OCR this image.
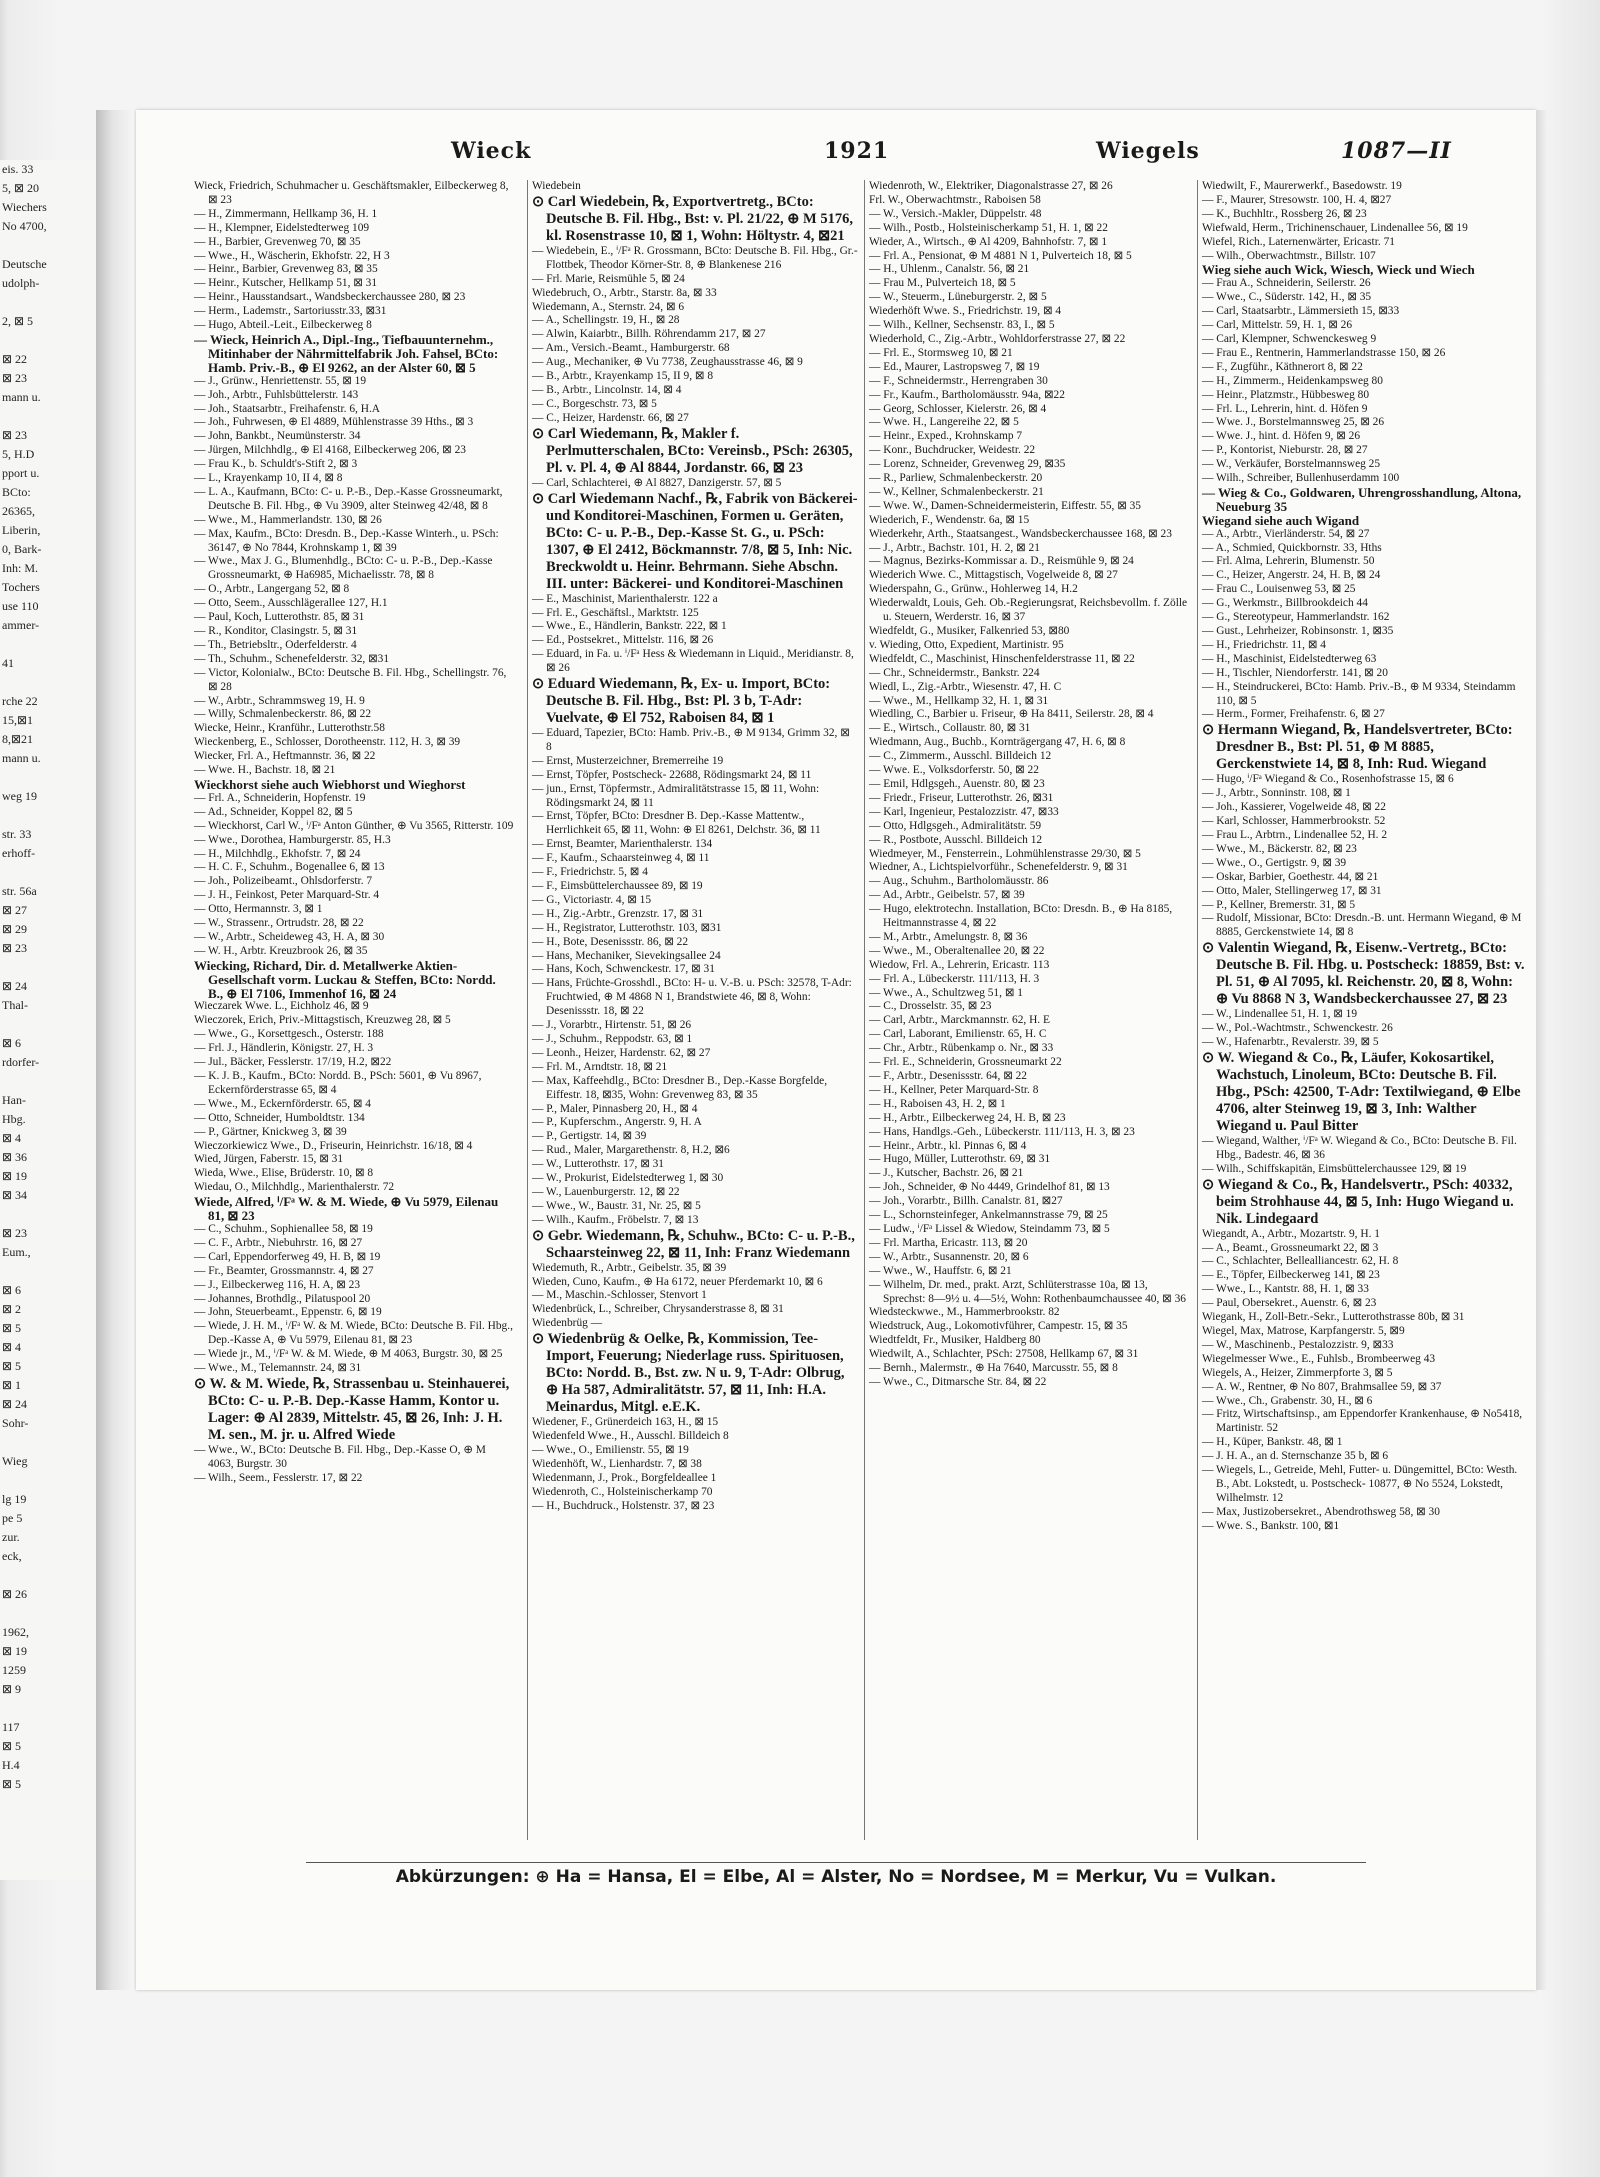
eis. 33
5, ⊠ 20
Wiechers
No 4700,

Deutsche
udolph-

2, ⊠ 5

⊠ 22
⊠ 23
mann u.

⊠ 23
5, H.D
pport u.
BCto:
26365,
Liberin,
0, Bark-
Inh: M.
Tochers
use 110
ammer-

41

rche 22
15,⊠1
8,⊠21
mann u.

weg 19

str. 33
erhoff-

str. 56a
⊠ 27
⊠ 29
⊠ 23

⊠ 24
Thal-

⊠ 6
rdorfer-

Han-
Hbg.
⊠ 4
⊠ 36
⊠ 19
⊠ 34

⊠ 23
Eum.,

⊠ 6
⊠ 2
⊠ 5
⊠ 4
⊠ 5
⊠ 1
⊠ 24
Sohr-

Wieg

lg 19
pe 5
zur.
eck,

⊠ 26

1962,
⊠ 19
1259
⊠ 9

117
⊠ 5
H.4
⊠ 5
Wieck	1921	Wiegels	1087—II

Wieck, Friedrich, Schuhmacher u. Geschäftsmakler, Eilbeckerweg 8, ⊠ 23

— H., Zimmermann, Hellkamp 36, H. 1

— H., Klempner, Eidelstedterweg 109

— H., Barbier, Grevenweg 70, ⊠ 35

— Wwe., H., Wäscherin, Ekhofstr. 22, H 3

— Heinr., Barbier, Grevenweg 83, ⊠ 35

— Heinr., Kutscher, Hellkamp 51, ⊠ 31

— Heinr., Hausstandsart., Wandsbeckerchaussee 280, ⊠ 23

— Herm., Lademstr., Sartoriusstr.33, ⊠31

— Hugo, Abteil.-Leit., Eilbeckerweg 8

— Wieck, Heinrich A., Dipl.-Ing., Tiefbauunternehm., Mitinhaber der Nährmittelfabrik Joh. Fahsel, BCto: Hamb. Priv.-B., ⊕ El 9262, an der Alster 60, ⊠ 5

— J., Grünw., Henriettenstr. 55, ⊠ 19

— Joh., Arbtr., Fuhlsbüttelerstr. 143

— Joh., Staatsarbtr., Freihafenstr. 6, H.A

— Joh., Fuhrwesen, ⊕ El 4889, Mühlenstrasse 39 Hths., ⊠ 3

— John, Bankbt., Neumünsterstr. 34

— Jürgen, Milchhdlg., ⊕ El 4168, Eilbeckerweg 206, ⊠ 23

— Frau K., b. Schuldt's-Stift 2, ⊠ 3

— L., Krayenkamp 10, II 4, ⊠ 8

— L. A., Kaufmann, BCto: C- u. P.-B., Dep.-Kasse Grossneumarkt, Deutsche B. Fil. Hbg., ⊕ Vu 3909, alter Steinweg 42/48, ⊠ 8

— Wwe., M., Hammerlandstr. 130, ⊠ 26

— Max, Kaufm., BCto: Dresdn. B., Dep.-Kasse Winterh., u. PSch: 36147, ⊕ No 7844, Krohnskamp 1, ⊠ 39

— Wwe., Max J. G., Blumenhdlg., BCto: C- u. P.-B., Dep.-Kasse Grossneumarkt, ⊕ Ha6985, Michaelisstr. 78, ⊠ 8

— O., Arbtr., Langergang 52, ⊠ 8

— Otto, Seem., Ausschlägerallee 127, H.1

— Paul, Koch, Lutterothstr. 85, ⊠ 31

— R., Konditor, Clasingstr. 5, ⊠ 31

— Th., Betriebsltr., Oderfelderstr. 4

— Th., Schuhm., Schenefelderstr. 32, ⊠31

— Victor, Kolonialw., BCto: Deutsche B. Fil. Hbg., Schellingstr. 76, ⊠ 28

— W., Arbtr., Schrammsweg 19, H. 9

— Willy, Schmalenbeckerstr. 86, ⊠ 22

Wiecke, Heinr., Kranführ., Lutterothstr.58

Wieckenberg, E., Schlosser, Dorotheenstr. 112, H. 3, ⊠ 39

Wiecker, Frl. A., Heftmannstr. 36, ⊠ 22

— Wwe. H., Bachstr. 18, ⊠ 21

Wieckhorst siehe auch Wiebhorst und Wieghorst

— Frl. A., Schneiderin, Hopfenstr. 19

— Ad., Schneider, Koppel 82, ⊠ 5

— Wieckhorst, Carl W., ⁱ/Fᵃ Anton Günther, ⊕ Vu 3565, Ritterstr. 109

— Wwe., Dorothea, Hamburgerstr. 85, H.3

— H., Milchhdlg., Ekhofstr. 7, ⊠ 24

— H. C. F., Schuhm., Bogenallee 6, ⊠ 13

— Joh., Polizeibeamt., Ohlsdorferstr. 7

— J. H., Feinkost, Peter Marquard-Str. 4

— Otto, Hermannstr. 3, ⊠ 1

— W., Strassenr., Ortrudstr. 28, ⊠ 22

— W., Arbtr., Scheideweg 43, H. A, ⊠ 30

— W. H., Arbtr. Kreuzbrook 26, ⊠ 35

Wiecking, Richard, Dir. d. Metallwerke Aktien-Gesellschaft vorm. Luckau & Steffen, BCto: Nordd. B., ⊕ El 7106, Immenhof 16, ⊠ 24

Wieczarek Wwe. L., Eichholz 46, ⊠ 9

Wieczorek, Erich, Priv.-Mittagstisch, Kreuzweg 28, ⊠ 5

— Wwe., G., Korsettgesch., Osterstr. 188

— Frl. J., Händlerin, Königstr. 27, H. 3

— Jul., Bäcker, Fesslerstr. 17/19, H.2, ⊠22

— K. J. B., Kaufm., BCto: Nordd. B., PSch: 5601, ⊕ Vu 8967, Eckernförderstrasse 65, ⊠ 4

— Wwe., M., Eckernförderstr. 65, ⊠ 4

— Otto, Schneider, Humboldtstr. 134

— P., Gärtner, Knickweg 3, ⊠ 39

Wieczorkiewicz Wwe., D., Friseurin, Heinrichstr. 16/18, ⊠ 4

Wied, Jürgen, Faberstr. 15, ⊠ 31

Wieda, Wwe., Elise, Brüderstr. 10, ⊠ 8

Wiedau, O., Milchhdlg., Marienthalerstr. 72

Wiede, Alfred, ⁱ/Fᵃ W. & M. Wiede, ⊕ Vu 5979, Eilenau 81, ⊠ 23

— C., Schuhm., Sophienallee 58, ⊠ 19

— C. F., Arbtr., Niebuhrstr. 16, ⊠ 27

— Carl, Eppendorferweg 49, H. B, ⊠ 19

— Fr., Beamter, Grossmannstr. 4, ⊠ 27

— J., Eilbeckerweg 116, H. A, ⊠ 23

— Johannes, Brothdlg., Pilatuspool 20

— John, Steuerbeamt., Eppenstr. 6, ⊠ 19

— Wiede, J. H. M., ⁱ/Fᵃ W. & M. Wiede, BCto: Deutsche B. Fil. Hbg., Dep.-Kasse A, ⊕ Vu 5979, Eilenau 81, ⊠ 23

— Wiede jr., M., ⁱ/Fᵃ W. & M. Wiede, ⊕ M 4063, Burgstr. 30, ⊠ 25

— Wwe., M., Telemannstr. 24, ⊠ 31

⊙ W. & M. Wiede, ℞, Strassenbau u. Steinhauerei, BCto: C- u. P.-B. Dep.-Kasse Hamm, Kontor u. Lager: ⊕ Al 2839, Mittelstr. 45, ⊠ 26, Inh: J. H. M. sen., M. jr. u. Alfred Wiede

— Wwe., W., BCto: Deutsche B. Fil. Hbg., Dep.-Kasse O, ⊕ M 4063, Burgstr. 30

— Wilh., Seem., Fesslerstr. 17, ⊠ 22

Wiedebein

⊙ Carl Wiedebein, ℞, Exportvertretg., BCto: Deutsche B. Fil. Hbg., Bst: v. Pl. 21/22, ⊕ M 5176, kl. Rosenstrasse 10, ⊠ 1, Wohn: Höltystr. 4, ⊠21

— Wiedebein, E., ⁱ/Fᵃ R. Grossmann, BCto: Deutsche B. Fil. Hbg., Gr.-Flottbek, Theodor Körner-Str. 8, ⊕ Blankenese 216

— Frl. Marie, Reismühle 5, ⊠ 24

Wiedebruch, O., Arbtr., Starstr. 8a, ⊠ 33

Wiedemann, A., Sternstr. 24, ⊠ 6

— A., Schellingstr. 19, H., ⊠ 28

— Alwin, Kaiarbtr., Billh. Röhrendamm 217, ⊠ 27

— Am., Versich.-Beamt., Hamburgerstr. 68

— Aug., Mechaniker, ⊕ Vu 7738, Zeughausstrasse 46, ⊠ 9

— B., Arbtr., Krayenkamp 15, II 9, ⊠ 8

— B., Arbtr., Lincolnstr. 14, ⊠ 4

— C., Borgeschstr. 73, ⊠ 5

— C., Heizer, Hardenstr. 66, ⊠ 27

⊙ Carl Wiedemann, ℞, Makler f. Perlmutterschalen, BCto: Vereinsb., PSch: 26305, Pl. v. Pl. 4, ⊕ Al 8844, Jordanstr. 66, ⊠ 23

— Carl, Schlachterei, ⊕ Al 8827, Danzigerstr. 57, ⊠ 5

⊙ Carl Wiedemann Nachf., ℞, Fabrik von Bäckerei- und Konditorei-Maschinen, Formen u. Geräten, BCto: C- u. P.-B., Dep.-Kasse St. G., u. PSch: 1307, ⊕ El 2412, Böckmannstr. 7/8, ⊠ 5, Inh: Nic. Breckwoldt u. Heinr. Behrmann. Siehe Abschn. III. unter: Bäckerei- und Konditorei-Maschinen

— E., Maschinist, Marienthalerstr. 122 a

— Frl. E., Geschäftsl., Marktstr. 125

— Wwe., E., Händlerin, Bankstr. 222, ⊠ 1

— Ed., Postsekret., Mittelstr. 116, ⊠ 26

— Eduard, in Fa. u. ⁱ/Fᵃ Hess & Wiedemann in Liquid., Meridianstr. 8, ⊠ 26

⊙ Eduard Wiedemann, ℞, Ex- u. Import, BCto: Deutsche B. Fil. Hbg., Bst: Pl. 3 b, T-Adr: Vuelvate, ⊕ El 752, Raboisen 84, ⊠ 1

— Eduard, Tapezier, BCto: Hamb. Priv.-B., ⊕ M 9134, Grimm 32, ⊠ 8

— Ernst, Musterzeichner, Bremerreihe 19

— Ernst, Töpfer, Postscheck- 22688, Rödingsmarkt 24, ⊠ 11

— jun., Ernst, Töpfermstr., Admiralitätstrasse 15, ⊠ 11, Wohn: Rödingsmarkt 24, ⊠ 11

— Ernst, Töpfer, BCto: Dresdner B. Dep.-Kasse Mattentw., Herrlichkeit 65, ⊠ 11, Wohn: ⊕ El 8261, Delchstr. 36, ⊠ 11

— Ernst, Beamter, Marienthalerstr. 134

— F., Kaufm., Schaarsteinweg 4, ⊠ 11

— F., Friedrichstr. 5, ⊠ 4

— F., Eimsbüttelerchaussee 89, ⊠ 19

— G., Victoriastr. 4, ⊠ 15

— H., Zig.-Arbtr., Grenzstr. 17, ⊠ 31

— H., Registrator, Lutterothstr. 103, ⊠31

— H., Bote, Desenissstr. 86, ⊠ 22

— Hans, Mechaniker, Sievekingsallee 24

— Hans, Koch, Schwenckestr. 17, ⊠ 31

— Hans, Früchte-Grosshdl., BCto: H- u. V.-B. u. PSch: 32578, T-Adr: Fruchtwied, ⊕ M 4868 N 1, Brandstwiete 46, ⊠ 8, Wohn: Desenissstr. 18, ⊠ 22

— J., Vorarbtr., Hirtenstr. 51, ⊠ 26

— J., Schuhm., Reppodstr. 63, ⊠ 1

— Leonh., Heizer, Hardenstr. 62, ⊠ 27

— Frl. M., Arndtstr. 18, ⊠ 21

— Max, Kaffeehdlg., BCto: Dresdner B., Dep.-Kasse Borgfelde, Eiffestr. 18, ⊠35, Wohn: Grevenweg 83, ⊠ 35

— P., Maler, Pinnasberg 20, H., ⊠ 4

— P., Kupferschm., Angerstr. 9, H. A

— P., Gertigstr. 14, ⊠ 39

— Rud., Maler, Margarethenstr. 8, H.2, ⊠6

— W., Lutterothstr. 17, ⊠ 31

— W., Prokurist, Eidelstedterweg 1, ⊠ 30

— W., Lauenburgerstr. 12, ⊠ 22

— Wwe., W., Baustr. 31, Nr. 25, ⊠ 5

— Wilh., Kaufm., Fröbelstr. 7, ⊠ 13

⊙ Gebr. Wiedemann, ℞, Schuhw., BCto: C- u. P.-B., Schaarsteinweg 22, ⊠ 11, Inh: Franz Wiedemann

Wiedemuth, R., Arbtr., Geibelstr. 35, ⊠ 39

Wieden, Cuno, Kaufm., ⊕ Ha 6172, neuer Pferdemarkt 10, ⊠ 6

— M., Maschin.-Schlosser, Stenvort 1

Wiedenbrück, L., Schreiber, Chrysanderstrasse 8, ⊠ 31

Wiedenbrüg —

⊙ Wiedenbrüg & Oelke, ℞, Kommission, Tee-Import, Feuerung; Niederlage russ. Spirituosen, BCto: Nordd. B., Bst. zw. N u. 9, T-Adr: Olbrug, ⊕ Ha 587, Admiralitätstr. 57, ⊠ 11, Inh: H.A. Meinardus, Mitgl. e.E.K.

Wiedener, F., Grünerdeich 163, H., ⊠ 15

Wiedenfeld Wwe., H., Ausschl. Billdeich 8

— Wwe., O., Emilienstr. 55, ⊠ 19

Wiedenhöft, W., Lienhardstr. 7, ⊠ 38

Wiedenmann, J., Prok., Borgfeldeallee 1

Wiedenroth, C., Holsteinischerkamp 70

— H., Buchdruck., Holstenstr. 37, ⊠ 23

Wiedenroth, W., Elektriker, Diagonalstrasse 27, ⊠ 26

Frl. W., Oberwachtmstr., Raboisen 58

— W., Versich.-Makler, Düppelstr. 48

— Wilh., Postb., Holsteinischerkamp 51, H. 1, ⊠ 22

Wieder, A., Wirtsch., ⊕ Al 4209, Bahnhofstr. 7, ⊠ 1

— Frl. A., Pensionat, ⊕ M 4881 N 1, Pulverteich 18, ⊠ 5

— H., Uhlenm., Canalstr. 56, ⊠ 21

— Frau M., Pulverteich 18, ⊠ 5

— W., Steuerm., Lüneburgerstr. 2, ⊠ 5

Wiederhöft Wwe. S., Friedrichstr. 19, ⊠ 4

— Wilh., Kellner, Sechsenstr. 83, I., ⊠ 5

Wiederhold, C., Zig.-Arbtr., Wohldorferstrasse 27, ⊠ 22

— Frl. E., Stormsweg 10, ⊠ 21

— Ed., Maurer, Lastropsweg 7, ⊠ 19

— F., Schneidermstr., Herrengraben 30

— Fr., Kaufm., Bartholomäusstr. 94a, ⊠22

— Georg, Schlosser, Kielerstr. 26, ⊠ 4

— Wwe. H., Langereihe 22, ⊠ 5

— Heinr., Exped., Krohnskamp 7

— Konr., Buchdrucker, Weidestr. 22

— Lorenz, Schneider, Grevenweg 29, ⊠35

— R., Parliew, Schmalenbeckerstr. 20

— W., Kellner, Schmalenbeckerstr. 21

— Wwe. W., Damen-Schneidermeisterin, Eiffestr. 55, ⊠ 35

Wiederich, F., Wendenstr. 6a, ⊠ 15

Wiederkehr, Arth., Staatsangest., Wandsbeckerchaussee 168, ⊠ 23

— J., Arbtr., Bachstr. 101, H. 2, ⊠ 21

— Magnus, Bezirks-Kommissar a. D., Reismühle 9, ⊠ 24

Wiederich Wwe. C., Mittagstisch, Vogelweide 8, ⊠ 27

Wiederspahn, G., Grünw., Hohlerweg 14, H.2

Wiederwaldt, Louis, Geh. Ob.-Regierungsrat, Reichsbevollm. f. Zölle u. Steuern, Werderstr. 16, ⊠ 37

Wiedfeldt, G., Musiker, Falkenried 53, ⊠80

v. Wieding, Otto, Expedient, Martinistr. 95

Wiedfeldt, C., Maschinist, Hinschenfelderstrasse 11, ⊠ 22

— Chr., Schneidermstr., Bankstr. 224

Wiedl, L., Zig.-Arbtr., Wiesenstr. 47, H. C

— Wwe., M., Hellkamp 32, H. 1, ⊠ 31

Wiedling, C., Barbier u. Friseur, ⊕ Ha 8411, Seilerstr. 28, ⊠ 4

— E., Wirtsch., Collaustr. 80, ⊠ 31

Wiedmann, Aug., Buchb., Kornträgergang 47, H. 6, ⊠ 8

— C., Zimmerm., Ausschl. Billdeich 12

— Wwe. E., Volksdorferstr. 50, ⊠ 22

— Emil, Hdlgsgeh., Auenstr. 80, ⊠ 23

— Friedr., Friseur, Lutterothstr. 26, ⊠31

— Karl, Ingenieur, Pestalozzistr. 47, ⊠33

— Otto, Hdlgsgeh., Admiralitätstr. 59

— R., Postbote, Ausschl. Billdeich 12

Wiedmeyer, M., Fensterrein., Lohmühlenstrasse 29/30, ⊠ 5

Wiedner, A., Lichtspielvorführ., Schenefelderstr. 9, ⊠ 31

— Aug., Schuhm., Bartholomäusstr. 86

— Ad., Arbtr., Geibelstr. 57, ⊠ 39

— Hugo, elektrotechn. Installation, BCto: Dresdn. B., ⊕ Ha 8185, Heitmannstrasse 4, ⊠ 22

— M., Arbtr., Amelungstr. 8, ⊠ 36

— Wwe., M., Oberaltenallee 20, ⊠ 22

Wiedow, Frl. A., Lehrerin, Ericastr. 113

— Frl. A., Lübeckerstr. 111/113, H. 3

— Wwe., A., Schultzweg 51, ⊠ 1

— C., Drosselstr. 35, ⊠ 23

— Carl, Arbtr., Marckmannstr. 62, H. E

— Carl, Laborant, Emilienstr. 65, H. C

— Chr., Arbtr., Rübenkamp o. Nr., ⊠ 33

— Frl. E., Schneiderin, Grossneumarkt 22

— F., Arbtr., Desenissstr. 64, ⊠ 22

— H., Kellner, Peter Marquard-Str. 8

— H., Raboisen 43, H. 2, ⊠ 1

— H., Arbtr., Eilbeckerweg 24, H. B, ⊠ 23

— Hans, Handlgs.-Geh., Lübeckerstr. 111/113, H. 3, ⊠ 23

— Heinr., Arbtr., kl. Pinnas 6, ⊠ 4

— Hugo, Müller, Lutterothstr. 69, ⊠ 31

— J., Kutscher, Bachstr. 26, ⊠ 21

— Joh., Schneider, ⊕ No 4449, Grindelhof 81, ⊠ 13

— Joh., Vorarbtr., Billh. Canalstr. 81, ⊠27

— L., Schornsteinfeger, Ankelmannstrasse 79, ⊠ 25

— Ludw., ⁱ/Fᵃ Lissel & Wiedow, Steindamm 73, ⊠ 5

— Frl. Martha, Ericastr. 113, ⊠ 20

— W., Arbtr., Susannenstr. 20, ⊠ 6

— Wwe., W., Hauffstr. 6, ⊠ 21

— Wilhelm, Dr. med., prakt. Arzt, Schlüterstrasse 10a, ⊠ 13, Sprechst: 8—9½ u. 4—5½, Wohn: Rothenbaumchaussee 40, ⊠ 36

Wiedsteckwwe., M., Hammerbrookstr. 82

Wiedstruck, Aug., Lokomotivführer, Campestr. 15, ⊠ 35

Wiedtfeldt, Fr., Musiker, Haldberg 80

Wiedwilt, A., Schlachter, PSch: 27508, Hellkamp 67, ⊠ 31

— Bernh., Malermstr., ⊕ Ha 7640, Marcusstr. 55, ⊠ 8

— Wwe., C., Ditmarsche Str. 84, ⊠ 22

Wiedwilt, F., Maurerwerkf., Basedowstr. 19

— F., Maurer, Stresowstr. 100, H. 4, ⊠27

— K., Buchhltr., Rossberg 26, ⊠ 23

Wiefwald, Herm., Trichinenschauer, Lindenallee 56, ⊠ 19

Wiefel, Rich., Laternenwärter, Ericastr. 71

— Wilh., Oberwachtmstr., Billstr. 107

Wieg siehe auch Wick, Wiesch, Wieck und Wiech

— Frau A., Schneiderin, Seilerstr. 26

— Wwe., C., Süderstr. 142, H., ⊠ 35

— Carl, Staatsarbtr., Lämmersieth 15, ⊠33

— Carl, Mittelstr. 59, H. 1, ⊠ 26

— Carl, Klempner, Schwenckesweg 9

— Frau E., Rentnerin, Hammerlandstrasse 150, ⊠ 26

— F., Zugführ., Käthnerort 8, ⊠ 22

— H., Zimmerm., Heidenkampsweg 80

— Heinr., Platzmstr., Hübbesweg 80

— Frl. L., Lehrerin, hint. d. Höfen 9

— Wwe. J., Borstelmannsweg 25, ⊠ 26

— Wwe. J., hint. d. Höfen 9, ⊠ 26

— P., Kontorist, Nieburstr. 28, ⊠ 27

— W., Verkäufer, Borstelmannsweg 25

— Wilh., Schreiber, Bullenhuserdamm 100

— Wieg & Co., Goldwaren, Uhrengrosshandlung, Altona, Neueburg 35

Wiegand siehe auch Wigand

— A., Arbtr., Vierländerstr. 54, ⊠ 27

— A., Schmied, Quickbornstr. 33, Hths

— Frl. Alma, Lehrerin, Blumenstr. 50

— C., Heizer, Angerstr. 24, H. B, ⊠ 24

— Frau C., Louisenweg 53, ⊠ 25

— G., Werkmstr., Billbrookdeich 44

— G., Stereotypeur, Hammerlandstr. 162

— Gust., Lehrheizer, Robinsonstr. 1, ⊠35

— H., Friedrichstr. 11, ⊠ 4

— H., Maschinist, Eidelstedterweg 63

— H., Tischler, Niendorferstr. 141, ⊠ 20

— H., Steindruckerei, BCto: Hamb. Priv.-B., ⊕ M 9334, Steindamm 110, ⊠ 5

— Herm., Former, Freihafenstr. 6, ⊠ 27

⊙ Hermann Wiegand, ℞, Handelsvertreter, BCto: Dresdner B., Bst: Pl. 51, ⊕ M 8885, Gerckenstwiete 14, ⊠ 8, Inh: Rud. Wiegand

— Hugo, ⁱ/Fᵃ Wiegand & Co., Rosenhofstrasse 15, ⊠ 6

— J., Arbtr., Sonninstr. 108, ⊠ 1

— Joh., Kassierer, Vogelweide 48, ⊠ 22

— Karl, Schlosser, Hammerbrookstr. 52

— Frau L., Arbtrn., Lindenallee 52, H. 2

— Wwe., M., Bäckerstr. 82, ⊠ 23

— Wwe., O., Gertigstr. 9, ⊠ 39

— Oskar, Barbier, Goethestr. 44, ⊠ 21

— Otto, Maler, Stellingerweg 17, ⊠ 31

— P., Kellner, Bremerstr. 31, ⊠ 5

— Rudolf, Missionar, BCto: Dresdn.-B. unt. Hermann Wiegand, ⊕ M 8885, Gerckenstwiete 14, ⊠ 8

⊙ Valentin Wiegand, ℞, Eisenw.-Vertretg., BCto: Deutsche B. Fil. Hbg. u. Postscheck: 18859, Bst: v. Pl. 51, ⊕ Al 7095, kl. Reichenstr. 20, ⊠ 8, Wohn: ⊕ Vu 8868 N 3, Wandsbeckerchaussee 27, ⊠ 23

— W., Lindenallee 51, H. 1, ⊠ 19

— W., Pol.-Wachtmstr., Schwenckestr. 26

— W., Hafenarbtr., Revalerstr. 39, ⊠ 5

⊙ W. Wiegand & Co., ℞, Läufer, Kokosartikel, Wachstuch, Linoleum, BCto: Deutsche B. Fil. Hbg., PSch: 42500, T-Adr: Textilwiegand, ⊕ Elbe 4706, alter Steinweg 19, ⊠ 3, Inh: Walther Wiegand u. Paul Bitter

— Wiegand, Walther, ⁱ/Fᵃ W. Wiegand & Co., BCto: Deutsche B. Fil. Hbg., Badestr. 46, ⊠ 36

— Wilh., Schiffskapitän, Eimsbüttelerchaussee 129, ⊠ 19

⊙ Wiegand & Co., ℞, Handelsvertr., PSch: 40332, beim Strohhause 44, ⊠ 5, Inh: Hugo Wiegand u. Nik. Lindegaard

Wiegandt, A., Arbtr., Mozartstr. 9, H. 1

— A., Beamt., Grossneumarkt 22, ⊠ 3

— C., Schlachter, Bellealliancestr. 62, H. 8

— E., Töpfer, Eilbeckerweg 141, ⊠ 23

— Wwe., L., Kantstr. 88, H. 1, ⊠ 33

— Paul, Obersekret., Auenstr. 6, ⊠ 23

Wiegank, H., Zoll-Betr.-Sekr., Lutterothstrasse 80b, ⊠ 31

Wiegel, Max, Matrose, Karpfangerstr. 5, ⊠9

— W., Maschinenb., Pestalozzistr. 9, ⊠33

Wiegelmesser Wwe., E., Fuhlsb., Brombeerweg 43

Wiegels, A., Heizer, Zimmerpforte 3, ⊠ 5

— A. W., Rentner, ⊕ No 807, Brahmsallee 59, ⊠ 37

— Wwe., Ch., Grabenstr. 30, H., ⊠ 6

— Fritz, Wirtschaftsinsp., am Eppendorfer Krankenhause, ⊕ No5418, Martinistr. 52

— H., Küper, Bankstr. 48, ⊠ 1

— J. H. A., an d. Sternschanze 35 b, ⊠ 6

— Wiegels, L., Getreide, Mehl, Futter- u. Düngemittel, BCto: Westh. B., Abt. Lokstedt, u. Postscheck- 10877, ⊕ No 5524, Lokstedt, Wilhelmstr. 12

— Max, Justizobersekret., Abendrothsweg 58, ⊠ 30

— Wwe. S., Bankstr. 100, ⊠1

Abkürzungen: ⊕ Ha = Hansa, El = Elbe, Al = Alster, No = Nordsee, M = Merkur, Vu = Vulkan.
